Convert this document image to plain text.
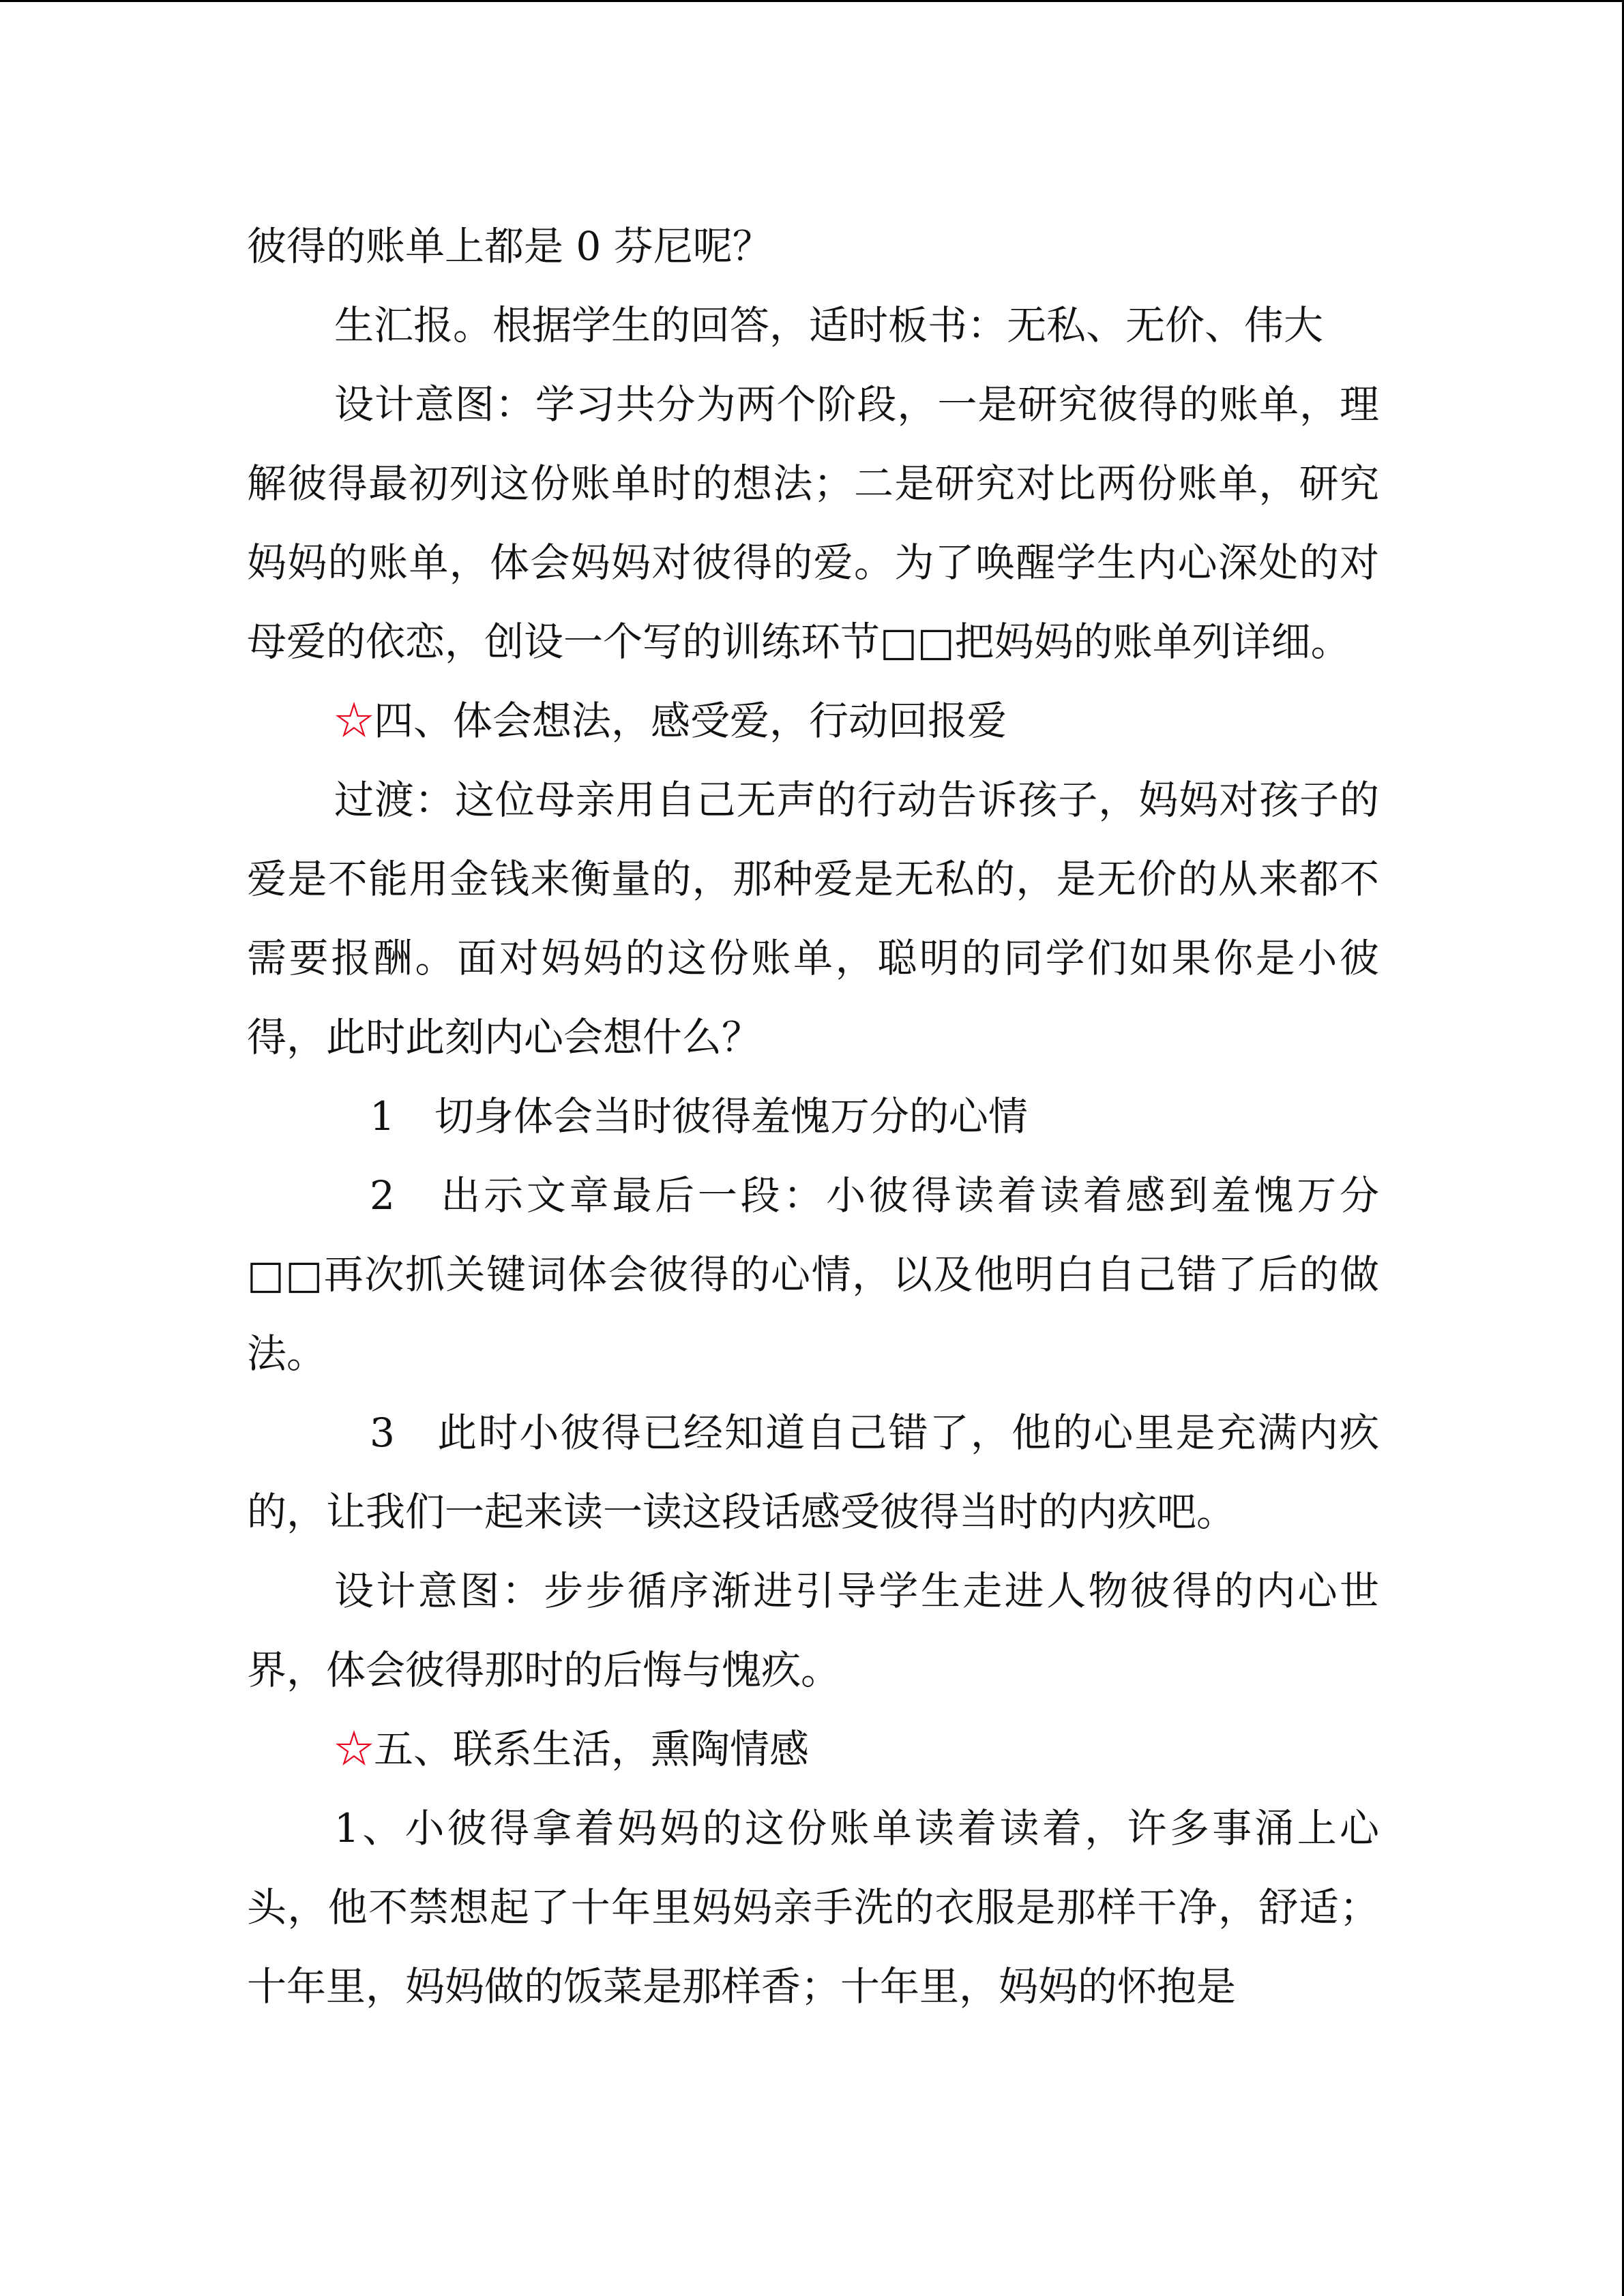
彼得的账单上都是 0 芬尼呢？

生汇报。根据学生的回答，适时板书：无私、无价、伟大

设计意图：学习共分为两个阶段，一是研究彼得的账单，理解彼得最初列这份账单时的想法；二是研究对比两份账单，研究妈妈的账单，体会妈妈对彼得的爱。为了唤醒学生内心深处的对母爱的依恋，创设一个写的训练环节□□把妈妈的账单列详细。

☆四、体会想法，感受爱，行动回报爱

过渡：这位母亲用自己无声的行动告诉孩子，妈妈对孩子的爱是不能用金钱来衡量的，那种爱是无私的，是无价的从来都不需要报酬。面对妈妈的这份账单，聪明的同学们如果你是小彼得，此时此刻内心会想什么？

1　切身体会当时彼得羞愧万分的心情

2　出示文章最后一段：小彼得读着读着感到羞愧万分□□再次抓关键词体会彼得的心情，以及他明白自己错了后的做法。

3　此时小彼得已经知道自己错了，他的心里是充满内疚的，让我们一起来读一读这段话感受彼得当时的内疚吧。

设计意图：步步循序渐进引导学生走进人物彼得的内心世界，体会彼得那时的后悔与愧疚。

☆五、联系生活，熏陶情感

1、小彼得拿着妈妈的这份账单读着读着，许多事涌上心头，他不禁想起了十年里妈妈亲手洗的衣服是那样干净，舒适；十年里，妈妈做的饭菜是那样香；十年里，妈妈的怀抱是
